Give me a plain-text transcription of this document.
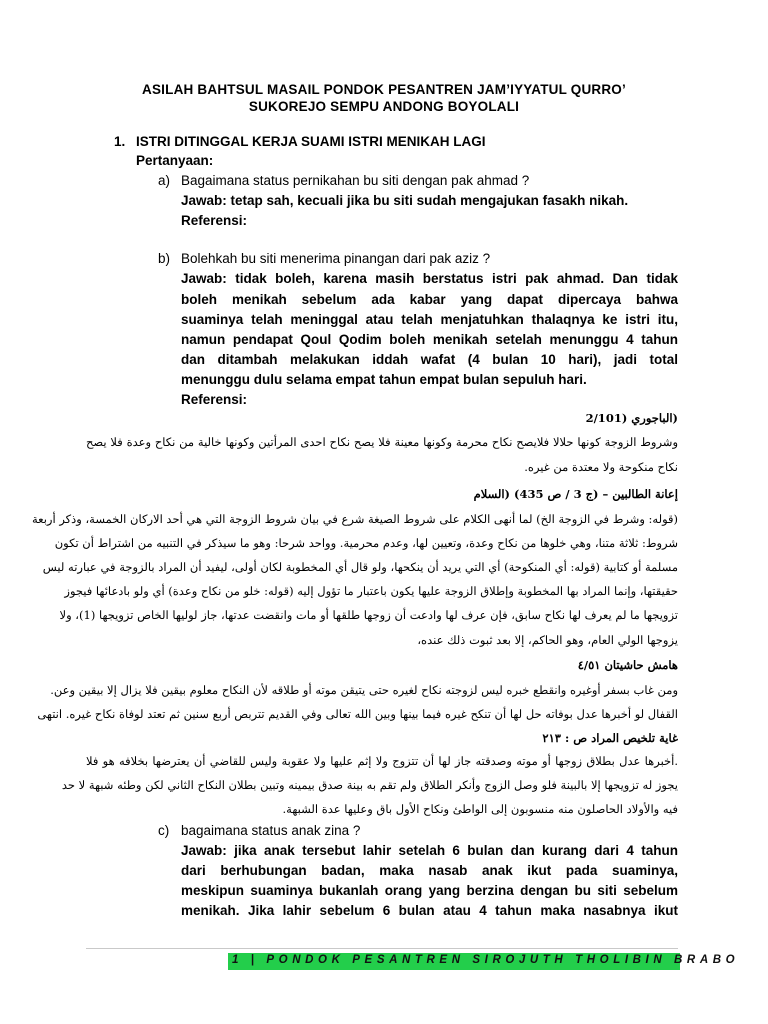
ASILAH BAHTSUL MASAIL PONDOK PESANTREN JAM’IYYATUL QURRO’
SUKOREJO SEMPU ANDONG BOYOLALI
1. ISTRI DITINGGAL KERJA SUAMI ISTRI MENIKAH LAGI
Pertanyaan:
a) Bagaimana status pernikahan bu siti dengan pak ahmad ?
Jawab: tetap sah, kecuali jika bu siti sudah mengajukan fasakh nikah.
Referensi:
b) Bolehkah bu siti menerima pinangan dari pak aziz ?
Jawab: tidak boleh, karena masih berstatus istri pak ahmad. Dan tidak
boleh menikah sebelum ada kabar yang dapat dipercaya bahwa
suaminya telah meninggal atau telah menjatuhkan thalaqnya ke istri itu,
namun pendapat Qoul Qodim boleh menikah setelah menunggu 4 tahun
dan ditambah melakukan iddah wafat (4 bulan 10 hari), jadi total
menunggu dulu selama empat tahun empat bulan sepuluh hari.
Referensi:
(الباجوري (2/101
وشروط الزوجة كونها حلالا فلايصح نكاح محرمة وكونها معينة فلا يصح نكاح احدى المرأتين وكونها خالية من نكاح وعدة فلا يصح
نكاح منكوحة ولا معتدة من غيره.
إعانة الطالبين – (ج 3 / ص 435) (السلام
(قوله: وشرط في الزوجة الخ) لما أنهى الكلام على شروط الصيغة شرع في بيان شروط الزوجة التي هي أحد الاركان الخمسة، وذكر أربعة
شروط: ثلاثة متنا، وهي خلوها من نكاح وعدة، وتعيين لها، وعدم محرمية. وواحد شرحا: وهو ما سيذكر في التنبيه من اشتراط أن تكون
مسلمة أو كتابية (قوله: أي المنكوحة) أي التي يريد أن ينكحها، ولو قال أي المخطوبة لكان أولى، ليفيد أن المراد بالزوجة في عبارته ليس
حقيقتها، وإنما المراد بها المخطوبة وإطلاق الزوجة عليها يكون باعتبار ما تؤول إليه (قوله: خلو من نكاح وعدة) أي ولو بادعائها فيجوز
تزويجها ما لم يعرف لها نكاح سابق، فإن عرف لها وادعت أن زوجها طلقها أو مات وانقضت عدتها، جاز لوليها الخاص تزويجها (1)، ولا
يزوجها الولي العام، وهو الحاكم، إلا بعد ثبوت ذلك عنده،
هامش حاشيتان ٤/٥١
ومن غاب بسفر أوغيره وانقطع خبره ليس لزوجته نكاح لغيره حتى يتيقن موته أو طلاقه لأن النكاح معلوم بيقين فلا يزال إلا بيقين وعن.
القفال لو أخبرها عدل بوفاته حل لها أن تنكح غيره فيما بينها وبين الله تعالى وفي القديم تتربص أربع سنين ثم تعتد لوفاة نكاح غيره. انتهى
غاية تلخيص المراد ص : ٢١٣
.أخبرها عدل بطلاق زوجها أو موته وصدقته جاز لها أن تتزوج ولا إثم عليها ولا عقوبة وليس للقاضي أن يعترضها بخلافه هو فلا
يجوز له تزويجها إلا بالبينة فلو وصل الزوج وأنكر الطلاق ولم تقم به بينة صدق بيمينه وتبين بطلان النكاح الثاني لكن وطئه شبهة لا حد
فيه والأولاد الحاصلون منه منسوبون إلى الواطئ ونكاح الأول باق وعليها عدة الشبهة.
c) bagaimana status anak zina ?
Jawab: jika anak tersebut lahir setelah 6 bulan dan kurang dari 4 tahun
dari berhubungan badan, maka nasab anak ikut pada suaminya,
meskipun suaminya bukanlah orang yang berzina dengan bu siti sebelum
menikah. Jika lahir sebelum 6 bulan atau 4 tahun maka nasabnya ikut
1 | PONDOK PESANTREN SIROJUTH THOLIBIN BRABO
